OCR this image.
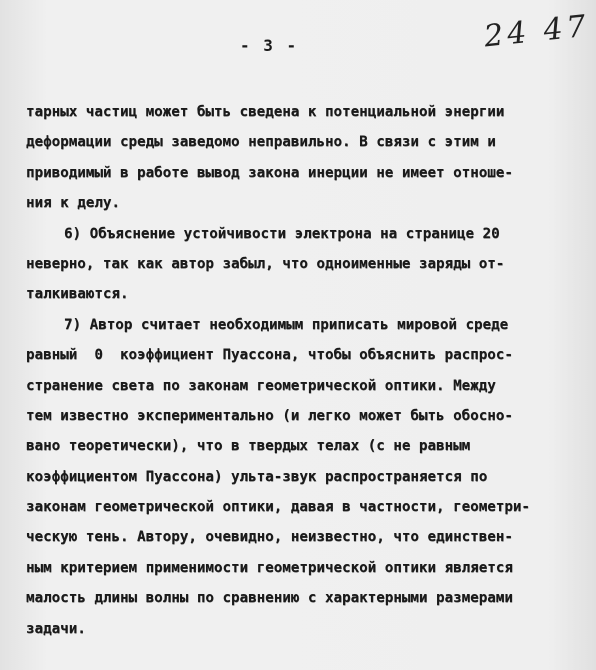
- 3 -	24 47
тарных частиц может быть сведена к потенциальной энергии
деформации среды заведомо неправильно. В связи с этим и
приводимый в работе вывод закона инерции не имеет отноше-
ния к делу.
6) Объяснение устойчивости электрона на странице 20
неверно, так как автор забыл, что одноименные заряды от-
талкиваются.
7) Автор считает необходимым приписать мировой среде
равный  0  коэффициент Пуассона, чтобы объяснить распрос-
странение света по законам геометрической оптики. Между
тем известно экспериментально (и легко может быть обосно-
вано теоретически), что в твердых телах (с не равным
коэффициентом Пуассона) ульта-звук распространяется по
законам геометрической оптики, давая в частности, геометри-
ческую тень. Автору, очевидно, неизвестно, что единствен-
ным критерием применимости геометрической оптики является
малость длины волны по сравнению с характерными размерами
задачи.
